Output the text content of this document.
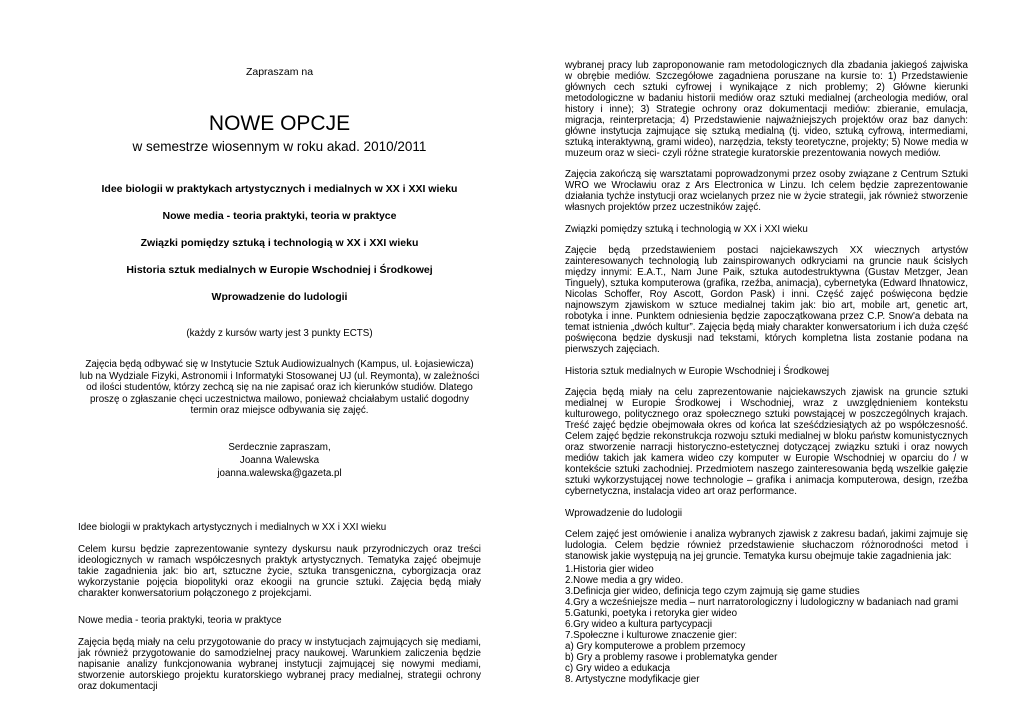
Zapraszam na

NOWE OPCJE
w semestrze wiosennym w roku akad. 2010/2011
Idee biologii w praktykach artystycznych i medialnych w XX i XXI wieku
Nowe media - teoria praktyki, teoria w praktyce
Związki pomiędzy sztuką i technologią w XX i XXI wieku
Historia sztuk medialnych w Europie Wschodniej i Środkowej
Wprowadzenie do ludologii

(każdy z kursów warty jest 3 punkty ECTS)

Zajęcia będą odbywać się w Instytucie Sztuk Audiowizualnych (Kampus, ul. Łojasiewicza) lub na Wydziale Fizyki, Astronomii i Informatyki Stosowanej UJ (ul. Reymonta), w zależności od ilości studentów, którzy zechcą się na nie zapisać oraz ich kierunków studiów. Dlatego proszę o zgłaszanie chęci uczestnictwa mailowo, ponieważ chciałabym ustalić dogodny termin oraz miejsce odbywania się zajęć.

Serdecznie zapraszam,
Joanna Walewska
joanna.walewska@gazeta.pl

Idee biologii w praktykach artystycznych i medialnych w XX i XXI wieku

Celem kursu będzie zaprezentowanie syntezy dyskursu nauk przyrodniczych oraz treści ideologicznych w ramach współczesnych praktyk artystycznych. Tematyka zajęć obejmuje takie zagadnienia jak: bio art, sztuczne życie, sztuka transgeniczna, cyborgizacja oraz wykorzystanie pojęcia biopolityki oraz ekoogii na gruncie sztuki. Zajęcia będą miały charakter konwersatorium połączonego z projekcjami.

Nowe media - teoria praktyki, teoria w praktyce

Zajęcia będą miały na celu przygotowanie do pracy w instytucjach zajmujących się mediami, jak również przygotowanie do samodzielnej pracy naukowej. Warunkiem zaliczenia będzie napisanie analizy funkcjonowania wybranej instytucji zajmującej się nowymi mediami, stworzenie autorskiego projektu kuratorskiego wybranej pracy medialnej, strategii ochrony oraz dokumentacji

wybranej pracy lub zaproponowanie ram metodologicznych dla zbadania jakiegoś zajwiska w obrębie mediów. Szczegółowe zagadniena poruszane na kursie to: 1) Przedstawienie głównych cech sztuki cyfrowej i wynikające z nich problemy; 2) Główne kierunki metodologiczne w badaniu historii mediów oraz sztuki medialnej (archeologia mediów, oral history i inne); 3) Strategie ochrony oraz dokumentacji mediów: zbieranie, emulacja, migracja, reinterpretacja; 4) Przedstawienie najważniejszych projektów oraz baz danych: główne instytucja zajmujące się sztuką medialną (tj. video, sztuką cyfrową, intermediami, sztuką interaktywną, grami wideo), narzędzia, teksty teoretyczne, projekty; 5) Nowe media w muzeum oraz w sieci- czyli różne strategie kuratorskie prezentowania nowych mediów.

Zajęcia zakończą się warsztatami poprowadzonymi przez osoby związane z Centrum Sztuki WRO we Wrocławiu oraz z Ars Electronica w Linzu. Ich celem będzie zaprezentowanie działania tychże instytucji oraz wcielanych przez nie w życie strategii, jak również stworzenie własnych projektów przez uczestników zajęć.

Związki pomiędzy sztuką i technologią w XX i XXI wieku

Zajęcie będą przedstawieniem postaci najciekawszych XX wiecznych artystów zainteresowanych technologią lub zainspirowanych odkryciami na gruncie nauk ścisłych między innymi: E.A.T., Nam June Paik, sztuka autodestruktywna (Gustav Metzger, Jean Tinguely), sztuka komputerowa (grafika, rzeźba, animacja), cybernetyka (Edward Ihnatowicz, Nicolas Schoffer, Roy Ascott, Gordon Pask) i inni. Część zajęć poświęcona będzie najnowszym zjawiskom w sztuce medialnej takim jak: bio art, mobile art, genetic art, robotyka i inne. Punktem odniesienia będzie zapoczątkowana przez C.P. Snow'a debata na temat istnienia „dwóch kultur”. Zajęcia będą miały charakter konwersatorium i ich duża część poświęcona będzie dyskusji nad tekstami, których kompletna lista zostanie podana na pierwszych zajęciach.

Historia sztuk medialnych w Europie Wschodniej i Środkowej

Zajęcia będą miały na celu zaprezentowanie najciekawszych zjawisk na gruncie sztuki medialnej w Europie Środkowej i Wschodniej, wraz z uwzględnieniem kontekstu kulturowego, politycznego oraz społecznego sztuki powstającej w poszczególnych krajach. Treść zajęć będzie obejmowała okres od końca lat sześćdziesiątych aż po współczesność. Celem zajęć będzie rekonstrukcja rozwoju sztuki medialnej w bloku państw komunistycznych oraz stworzenie narracji historyczno-estetycznej dotyczącej związku sztuki i oraz nowych mediów takich jak kamera wideo czy komputer w Europie Wschodniej w oparciu do / w kontekście sztuki zachodniej. Przedmiotem naszego zainteresowania będą wszelkie gałęzie sztuki wykorzystującej nowe technologie – grafika i animacja komputerowa, design, rzeźba cybernetyczna, instalacja video art oraz performance.

Wprowadzenie do ludologii

Celem zajęć jest omówienie i analiza wybranych zjawisk z zakresu badań, jakimi zajmuje się ludologia. Celem będzie również przedstawienie słuchaczom różnorodności metod i stanowisk jakie występują na jej gruncie. Tematyka kursu obejmuje takie zagadnienia jak:

1.Historia gier wideo
2.Nowe media a gry wideo.
3.Definicja gier wideo, definicja tego czym zajmują się game studies
4.Gry a wcześniejsze media – nurt narratorologiczny i ludologiczny w badaniach nad grami
5.Gatunki, poetyka i retoryka gier wideo
6.Gry wideo a kultura partycypacji
7.Społeczne i kulturowe znaczenie gier:
a) Gry komputerowe a problem przemocy
b) Gry a problemy rasowe i problematyka gender
c) Gry wideo a edukacja
8. Artystyczne modyfikacje gier
